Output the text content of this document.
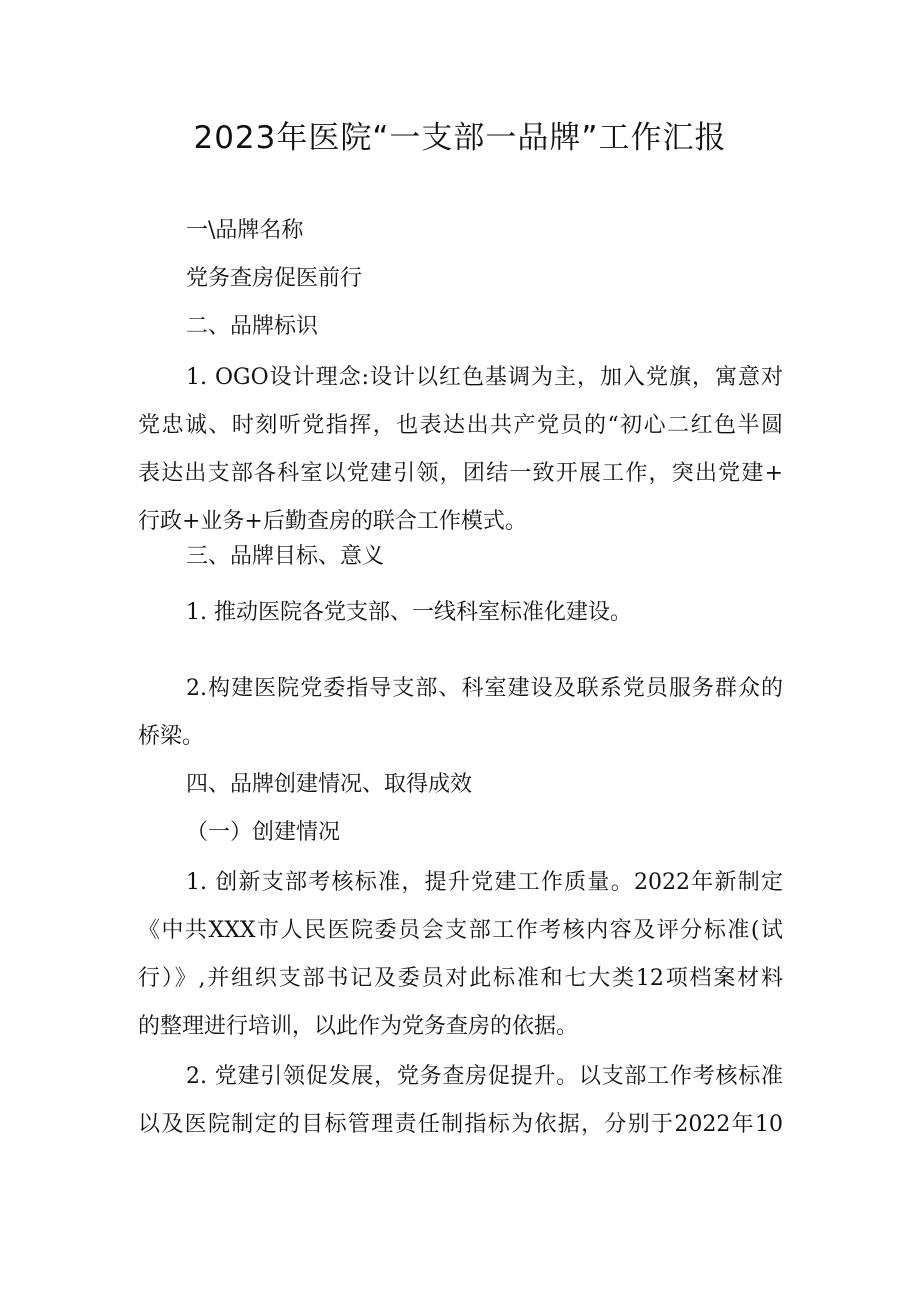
2023年医院“一支部一品牌”工作汇报
一\品牌名称
党务查房促医前行
二、品牌标识
1. OGO设计理念:设计以红色基调为主，加入党旗，寓意对
党忠诚、时刻听党指挥，也表达出共产党员的“初心二红色半圆
表达出支部各科室以党建引领，团结一致开展工作，突出党建+
行政+业务+后勤查房的联合工作模式。
三、品牌目标、意义
1. 推动医院各党支部、一线科室标准化建设。
2.构建医院党委指导支部、科室建设及联系党员服务群众的
桥梁。
四、品牌创建情况、取得成效
（一）创建情况
1. 创新支部考核标准，提升党建工作质量。2022年新制定
《中共XXX市人民医院委员会支部工作考核内容及评分标准(试
行）》,并组织支部书记及委员对此标准和七大类12项档案材料
的整理进行培训，以此作为党务查房的依据。
2. 党建引领促发展，党务查房促提升。以支部工作考核标准
以及医院制定的目标管理责任制指标为依据，分别于2022年10
